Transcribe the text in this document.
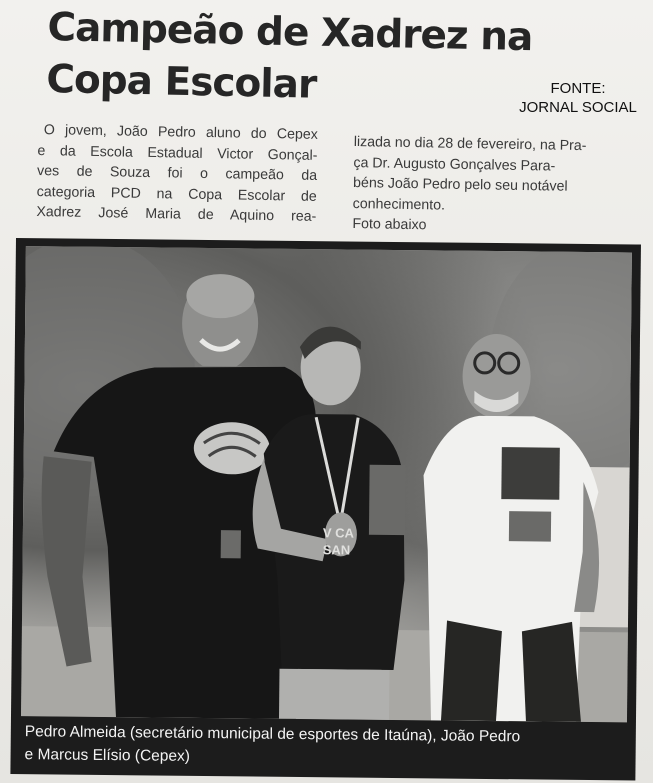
Campeão de Xadrez na
Copa Escolar	FONTE:
JORNAL SOCIAL
O jovem, João Pedro aluno do Cepex
e da Escola Estadual Victor Gonçal-
ves de Souza foi o campeão da
categoria PCD na Copa Escolar de
Xadrez José Maria de Aquino rea-
lizada no dia 28 de fevereiro, na Pra-
ça Dr. Augusto Gonçalves Para-
béns João Pedro pelo seu notável
conhecimento.
Foto abaixo
V CA
SAN
Pedro Almeida (secretário municipal de esportes de Itaúna), João Pedro
e Marcus Elísio (Cepex)
